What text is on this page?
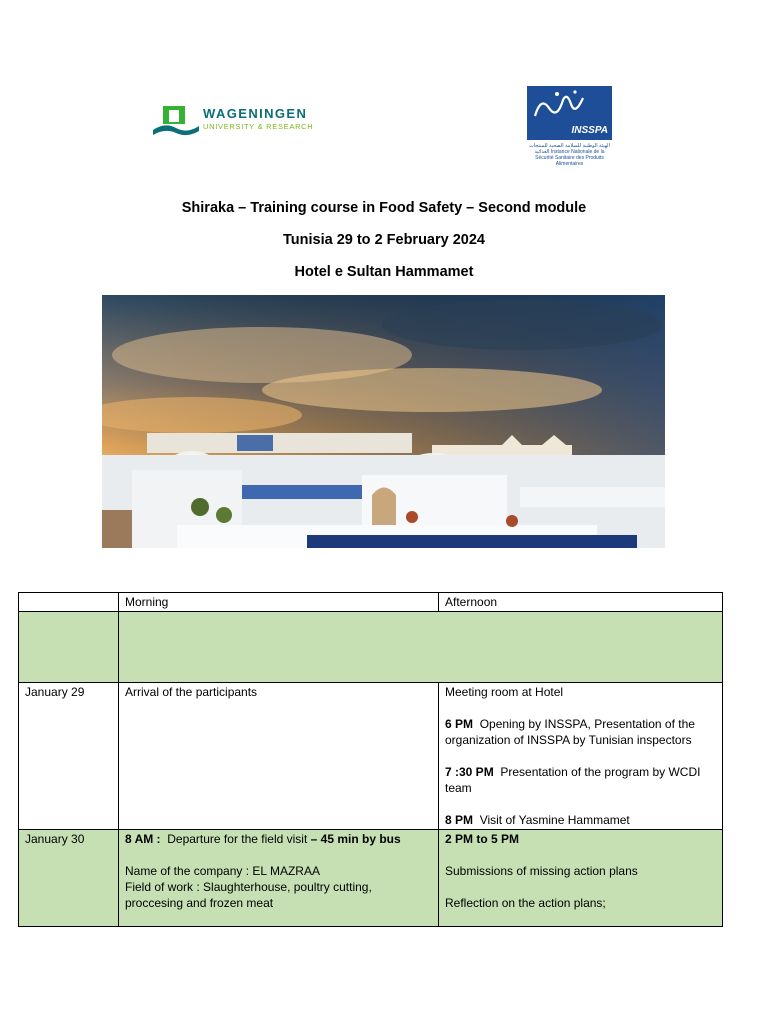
WAGENINGEN
UNIVERSITY & RESEARCH	INSSPA
الهيئة الوطنية للسلامة الصحية للمنتجات الغذائية Instance Nationale de la Sécurité Sanitaire des Produits Alimentaires
Shiraka – Training course in Food Safety – Second module
Tunisia 29 to 2 February 2024
Hotel e Sultan Hammamet
	Morning	Afternoon

January 29	Arrival of the participants	Meeting room at Hotel
6 PM Opening by INSSPA, Presentation of the organization of INSSPA by Tunisian inspectors
7 :30 PM Presentation of the program by WCDI team
8 PM Visit of Yasmine Hammamet

January 30	8 AM : Departure for the field visit – 45 min by bus
Name of the company : EL MAZRAA
Field of work : Slaughterhouse, poultry cutting, proccesing and frozen meat	2 PM to 5 PM
Submissions of missing action plans
Reflection on the action plans;
